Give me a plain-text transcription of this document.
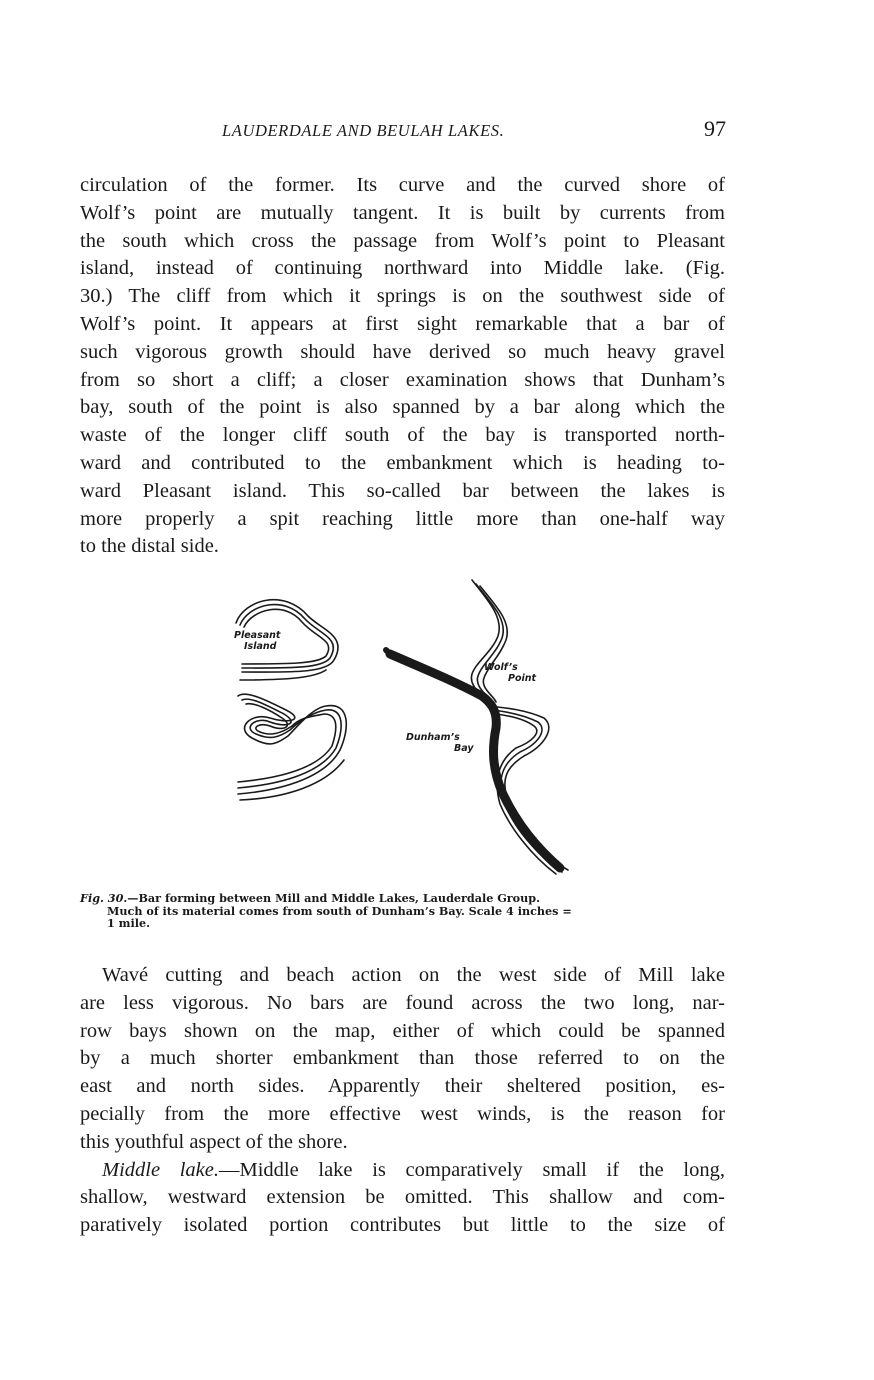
LAUDERDALE AND BEULAH LAKES.	97
circulation of the former. Its curve and the curved shore of
Wolf’s point are mutually tangent. It is built by currents from
the south which cross the passage from Wolf’s point to Pleasant
island, instead of continuing northward into Middle lake. (Fig.
30.) The cliff from which it springs is on the southwest side of
Wolf’s point. It appears at first sight remarkable that a bar of
such vigorous growth should have derived so much heavy gravel
from so short a cliff; a closer examination shows that Dunham’s
bay, south of the point is also spanned by a bar along which the
waste of the longer cliff south of the bay is transported north-
ward and contributed to the embankment which is heading to-
ward Pleasant island. This so-called bar between the lakes is
more properly a spit reaching little more than one-half way
to the distal side.
Pleasant
Island
Wolf’s
Point
Dunham’s
Bay
Fig. 30.—Bar forming between Mill and Middle Lakes, Lauderdale Group.
Much of its material comes from south of Dunham’s Bay. Scale 4 inches =
1 mile.
Wavé cutting and beach action on the west side of Mill lake
are less vigorous. No bars are found across the two long, nar-
row bays shown on the map, either of which could be spanned
by a much shorter embankment than those referred to on the
east and north sides. Apparently their sheltered position, es-
pecially from the more effective west winds, is the reason for
this youthful aspect of the shore.
Middle lake.—Middle lake is comparatively small if the long,
shallow, westward extension be omitted. This shallow and com-
paratively isolated portion contributes but little to the size of
